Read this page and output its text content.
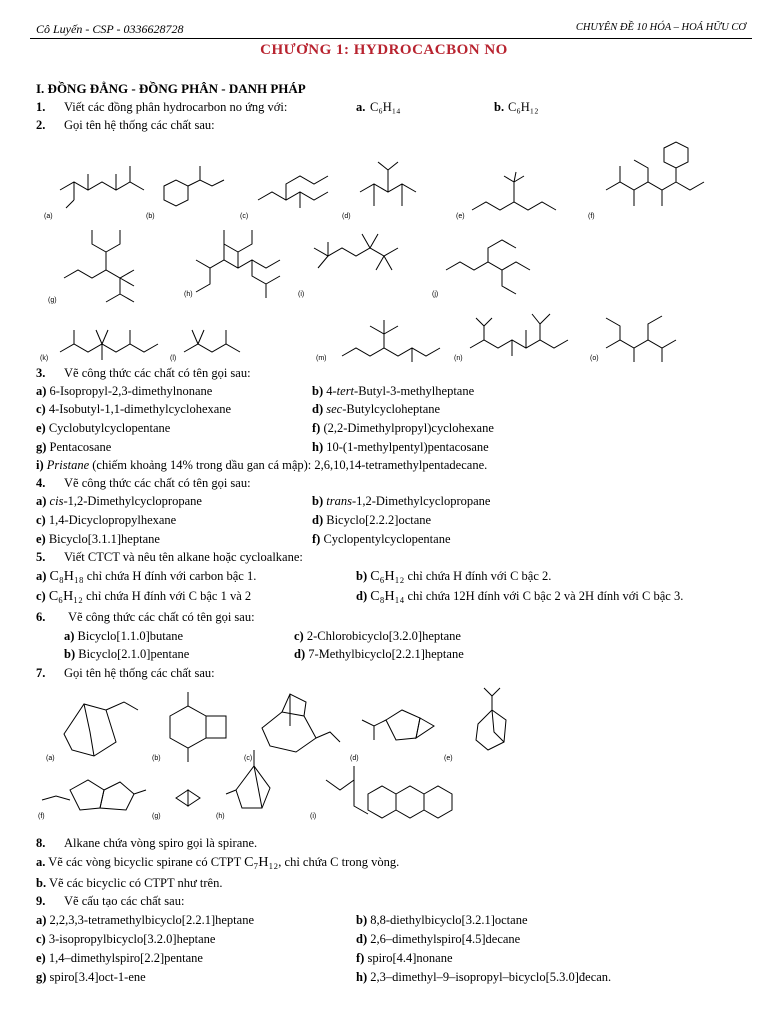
Cô Luyến - CSP - 0336628728	CHUYÊN ĐỀ 10 HÓA – HOÁ HỮU CƠ
CHƯƠNG 1: HYDROCACBON NO
I. ĐỒNG ĐẲNG - ĐỒNG PHÂN - DANH PHÁP
1. Viết các đồng phân hydrocarbon no ứng với:	a. C₆H₁₄	b. C₆H₁₂
2. Gọi tên hệ thống các chất sau:
(a)	(b)	(c)	(d)	(e)	(f)
(g)
(h)	(i)	(j)
(k)	(l)	(m)	(n)	(o)
3. Vẽ công thức các chất có tên gọi sau:
a) 6-Isopropyl-2,3-dimethylnonane	b) 4-tert-Butyl-3-methylheptane
c) 4-Isobutyl-1,1-dimethylcyclohexane	d) sec-Butylcycloheptane
e) Cyclobutylcyclopentane	f) (2,2-Dimethylpropyl)cyclohexane
g) Pentacosane	h) 10-(1-methylpentyl)pentacosane
i) Pristane (chiếm khoảng 14% trong dầu gan cá mập): 2,6,10,14-tetramethylpentadecane.
4. Vẽ công thức các chất có tên gọi sau:
a) cis-1,2-Dimethylcyclopropane	b) trans-1,2-Dimethylcyclopropane
c) 1,4-Dicyclopropylhexane	d) Bicyclo[2.2.2]octane
e) Bicyclo[3.1.1]heptane	f) Cyclopentylcyclopentane
5. Viết CTCT và nêu tên alkane hoặc cycloalkane:
a) C₈H₁₈ chỉ chứa H đính với carbon bậc 1.	b) C₆H₁₂ chỉ chứa H đính với C bậc 2.
c) C₆H₁₂ chỉ chứa H đính với C bậc 1 và 2	d) C₈H₁₄ chỉ chứa 12H đính với C bậc 2 và 2H đính với C bậc 3.
6. Vẽ công thức các chất có tên gọi sau:
a) Bicyclo[1.1.0]butane	c) 2-Chlorobicyclo[3.2.0]heptane
b) Bicyclo[2.1.0]pentane	d) 7-Methylbicyclo[2.2.1]heptane
7. Gọi tên hệ thống các chất sau:
(a)	(b)	(c)	(d)	(e)
(f)	(g)	(h)	(i)
8. Alkane chứa vòng spiro gọi là spirane.
a. Vẽ các vòng bicyclic spirane có CTPT C₇H₁₂, chỉ chứa C trong vòng.
b. Vẽ các bicyclic có CTPT như trên.
9. Vẽ cấu tạo các chất sau:
a) 2,2,3,3-tetramethylbicyclo[2.2.1]heptane	b) 8,8-diethylbicyclo[3.2.1]octane
c) 3-isopropylbicyclo[3.2.0]heptane	d) 2,6–dimethylspiro[4.5]decane
e) 1,4–dimethylspiro[2.2]pentane	f) spiro[4.4]nonane
g) spiro[3.4]oct-1-ene	h) 2,3–dimethyl–9–isopropyl–bicyclo[5.3.0]đecan.
